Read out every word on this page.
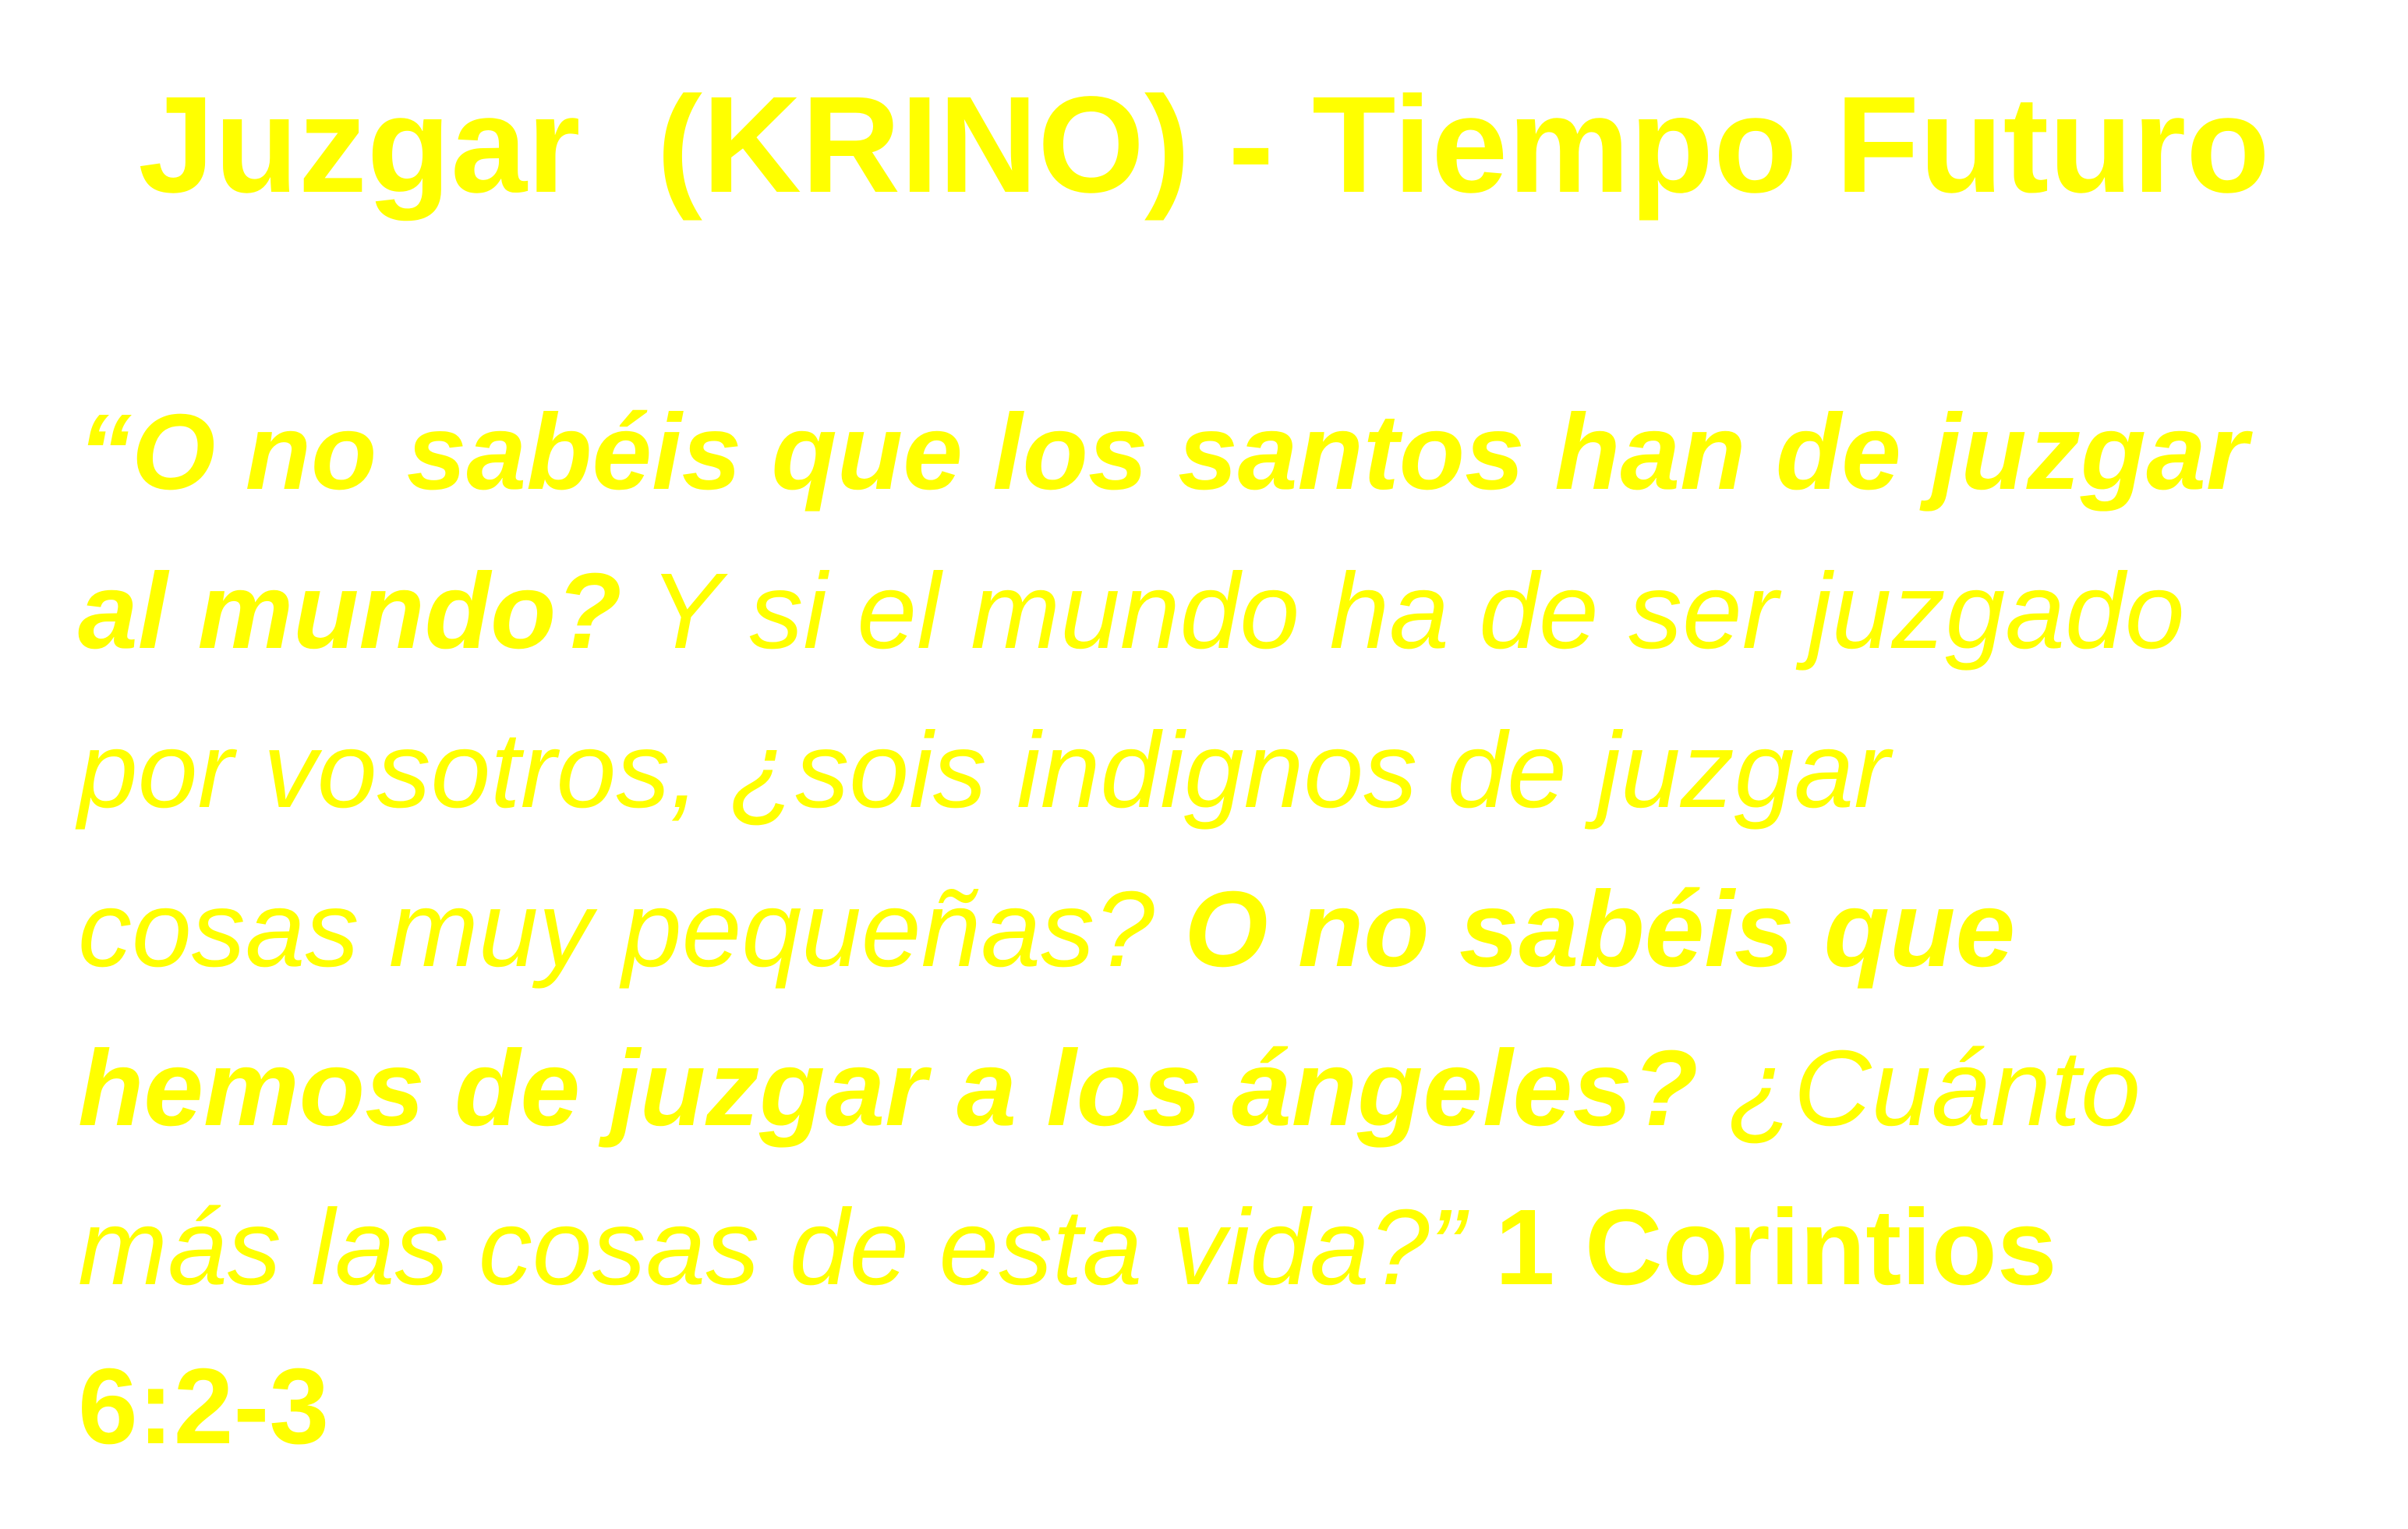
Juzgar  (KRINO) - Tiempo Futuro

“O no sabéis que los santos han de juzgar
al mundo? Y si el mundo ha de ser juzgado
por vosotros, ¿sois indignos de juzgar
cosas muy pequeñas? O no sabéis que
hemos de juzgar a los ángeles? ¿Cuánto
más las cosas de esta vida?” 1 Corintios
6:2-3
